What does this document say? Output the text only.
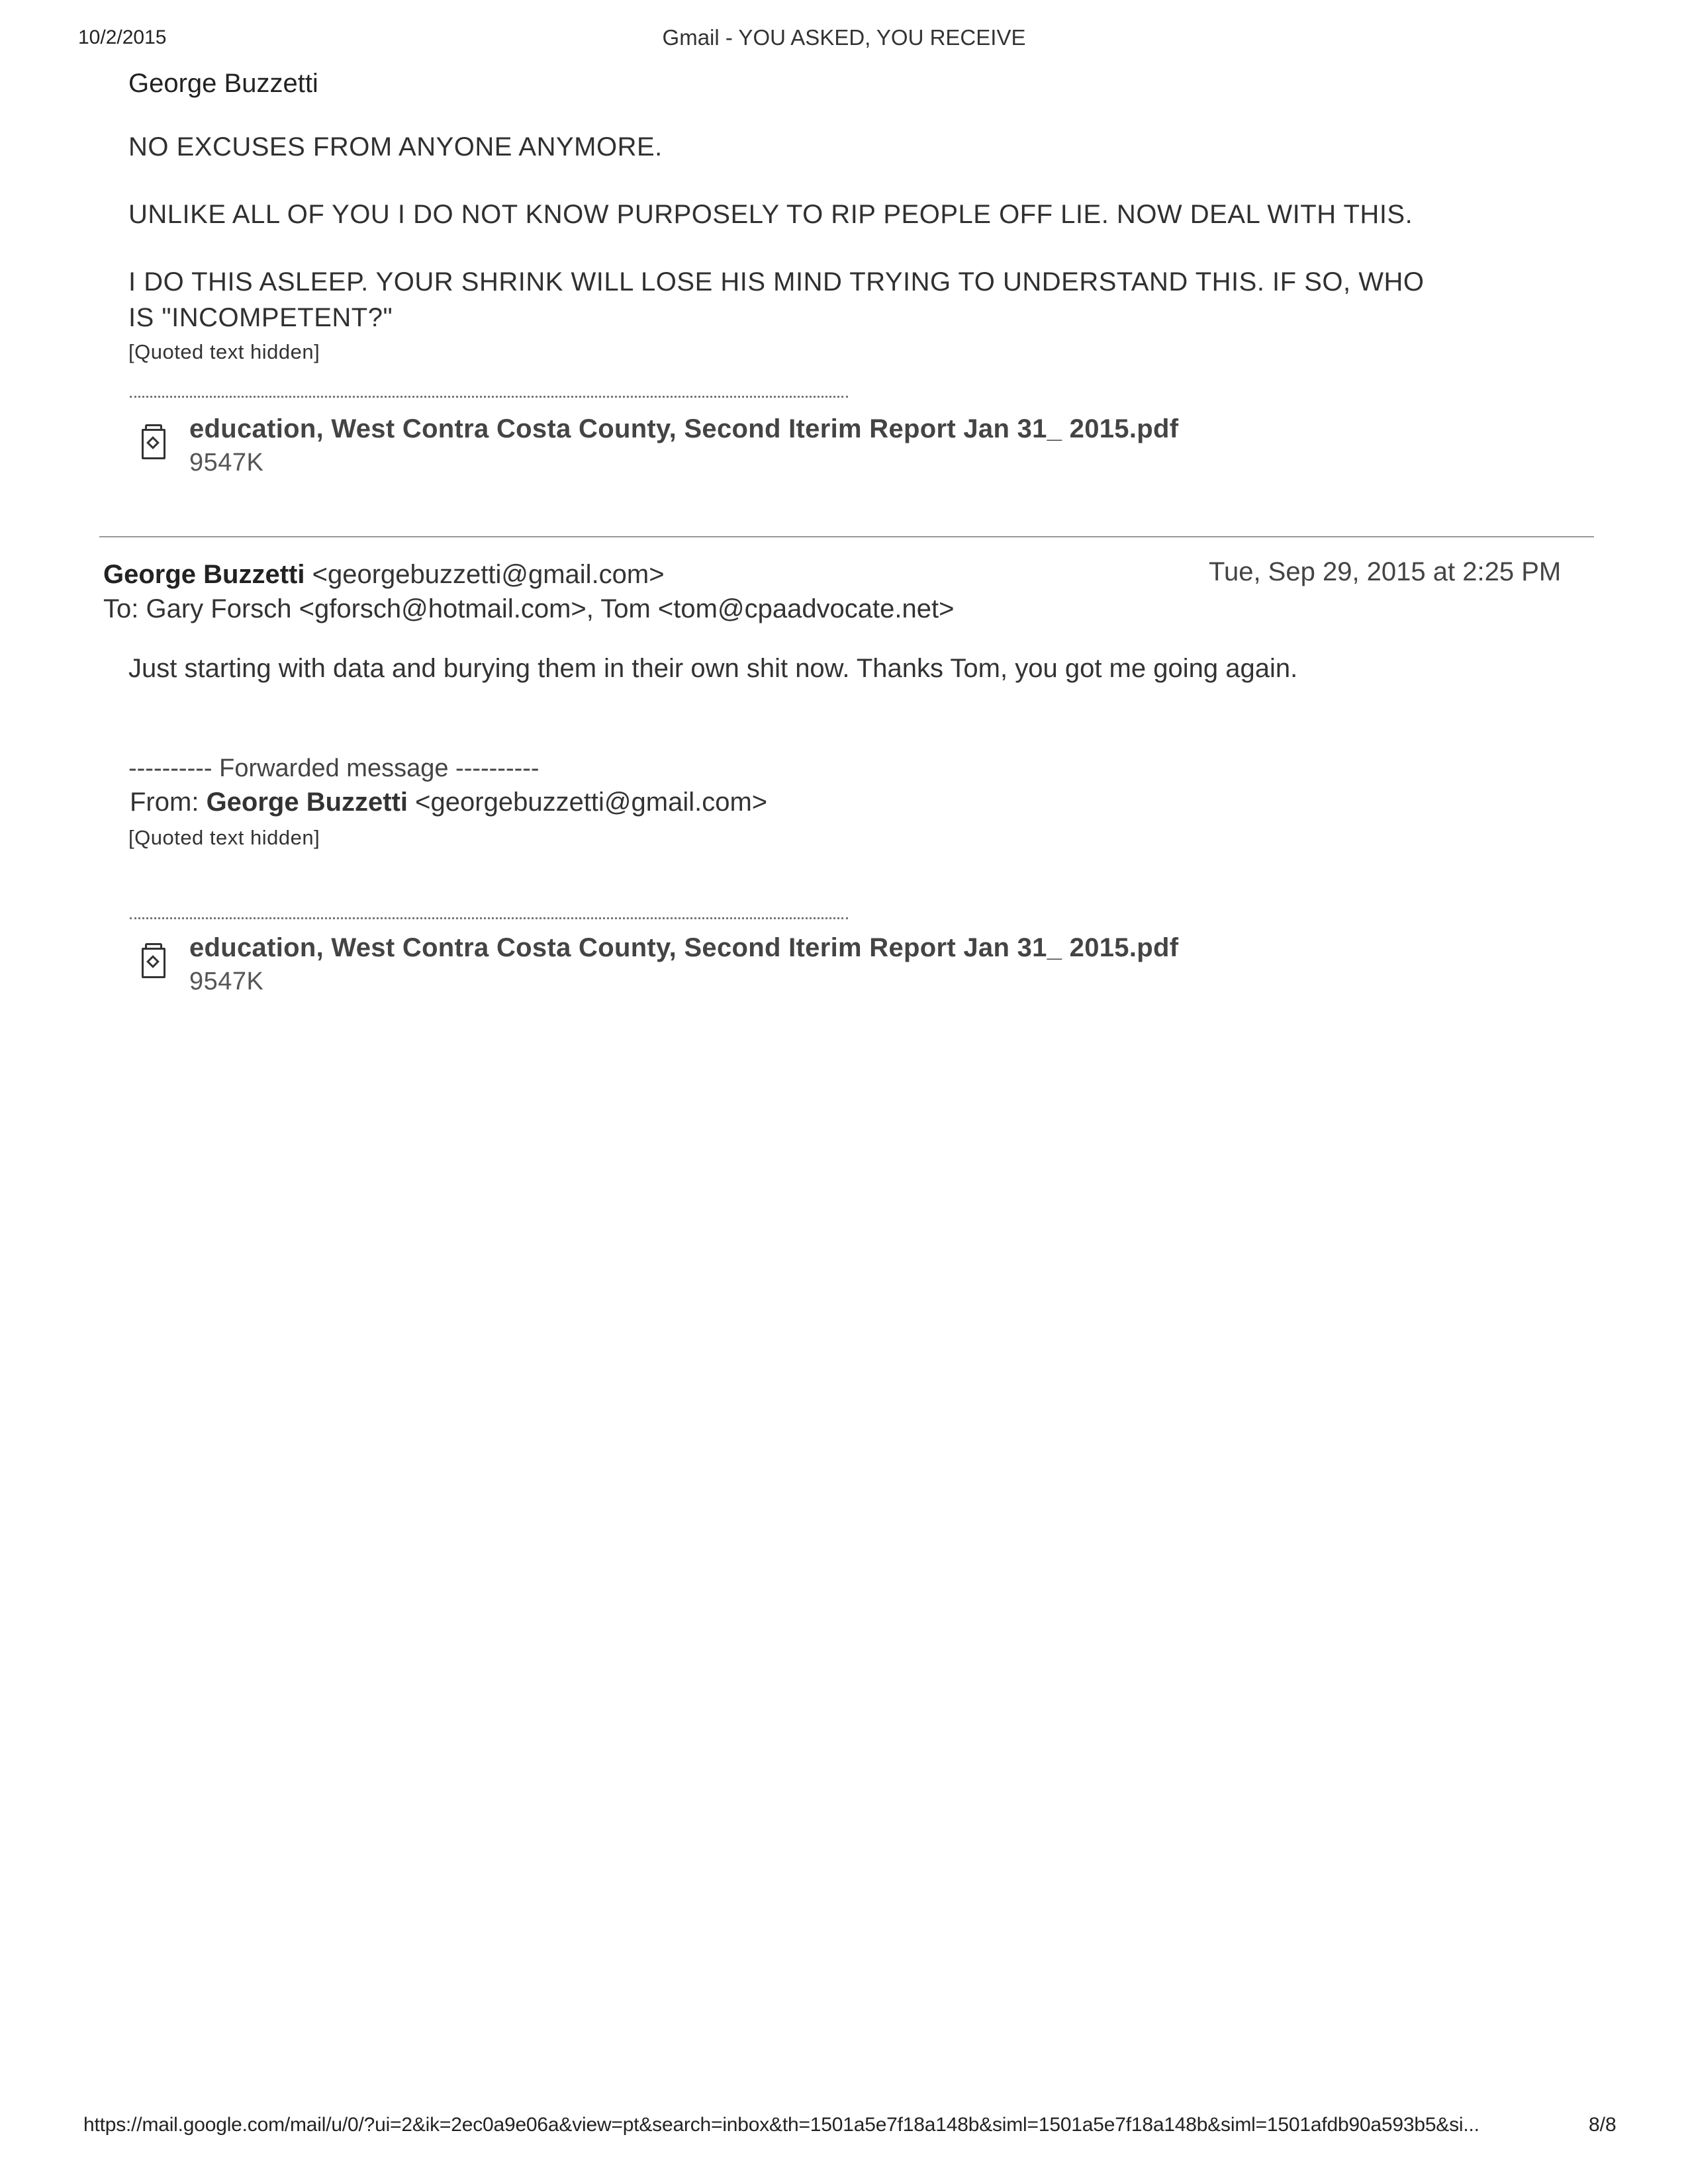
10/2/2015	Gmail - YOU ASKED, YOU RECEIVE
George Buzzetti
NO EXCUSES FROM ANYONE ANYMORE.
UNLIKE ALL OF YOU I DO NOT KNOW PURPOSELY TO RIP PEOPLE OFF LIE. NOW DEAL WITH THIS.
I DO THIS ASLEEP. YOUR SHRINK WILL LOSE HIS MIND TRYING TO UNDERSTAND THIS. IF SO, WHO
IS "INCOMPETENT?"
[Quoted text hidden]
education, West Contra Costa County, Second Iterim Report Jan 31_ 2015.pdf
9547K
George Buzzetti <georgebuzzetti@gmail.com>	Tue, Sep 29, 2015 at 2:25 PM
To: Gary Forsch <gforsch@hotmail.com>, Tom <tom@cpaadvocate.net>
Just starting with data and burying them in their own shit now. Thanks Tom, you got me going again.
---------- Forwarded message ----------
From: George Buzzetti <georgebuzzetti@gmail.com>
[Quoted text hidden]
education, West Contra Costa County, Second Iterim Report Jan 31_ 2015.pdf
9547K
https://mail.google.com/mail/u/0/?ui=2&ik=2ec0a9e06a&view=pt&search=inbox&th=1501a5e7f18a148b&siml=1501a5e7f18a148b&siml=1501afdb90a593b5&si...	8/8
